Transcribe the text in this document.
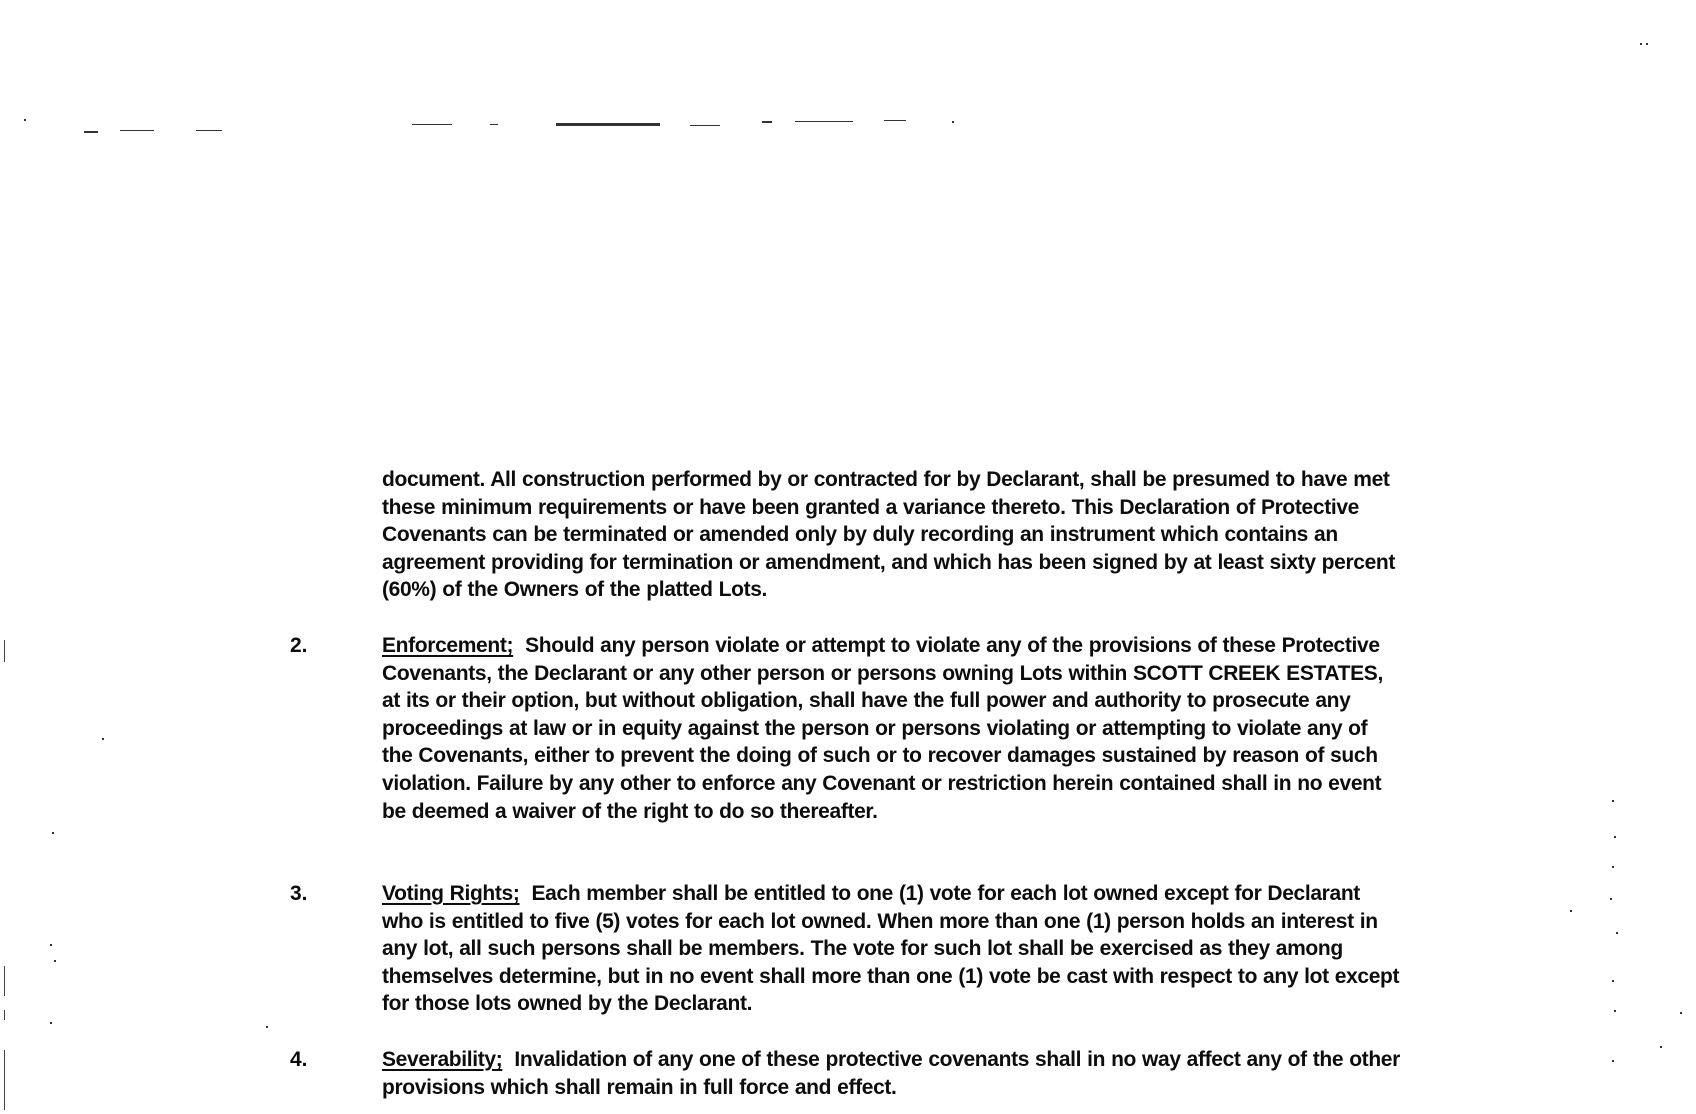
document. All construction performed by or contracted for by Declarant, shall be presumed to have met these minimum requirements or have been granted a variance thereto. This Declaration of Protective Covenants can be terminated or amended only by duly recording an instrument which contains an agreement providing for termination or amendment, and which has been signed by at least sixty percent (60%) of the Owners of the platted Lots.
2.	Enforcement; Should any person violate or attempt to violate any of the provisions of these Protective Covenants, the Declarant or any other person or persons owning Lots within SCOTT CREEK ESTATES, at its or their option, but without obligation, shall have the full power and authority to prosecute any proceedings at law or in equity against the person or persons violating or attempting to violate any of the Covenants, either to prevent the doing of such or to recover damages sustained by reason of such violation. Failure by any other to enforce any Covenant or restriction herein contained shall in no event be deemed a waiver of the right to do so thereafter.
3.	Voting Rights; Each member shall be entitled to one (1) vote for each lot owned except for Declarant who is entitled to five (5) votes for each lot owned. When more than one (1) person holds an interest in any lot, all such persons shall be members. The vote for such lot shall be exercised as they among themselves determine, but in no event shall more than one (1) vote be cast with respect to any lot except for those lots owned by the Declarant.
4.	Severability; Invalidation of any one of these protective covenants shall in no way affect any of the other provisions which shall remain in full force and effect.
